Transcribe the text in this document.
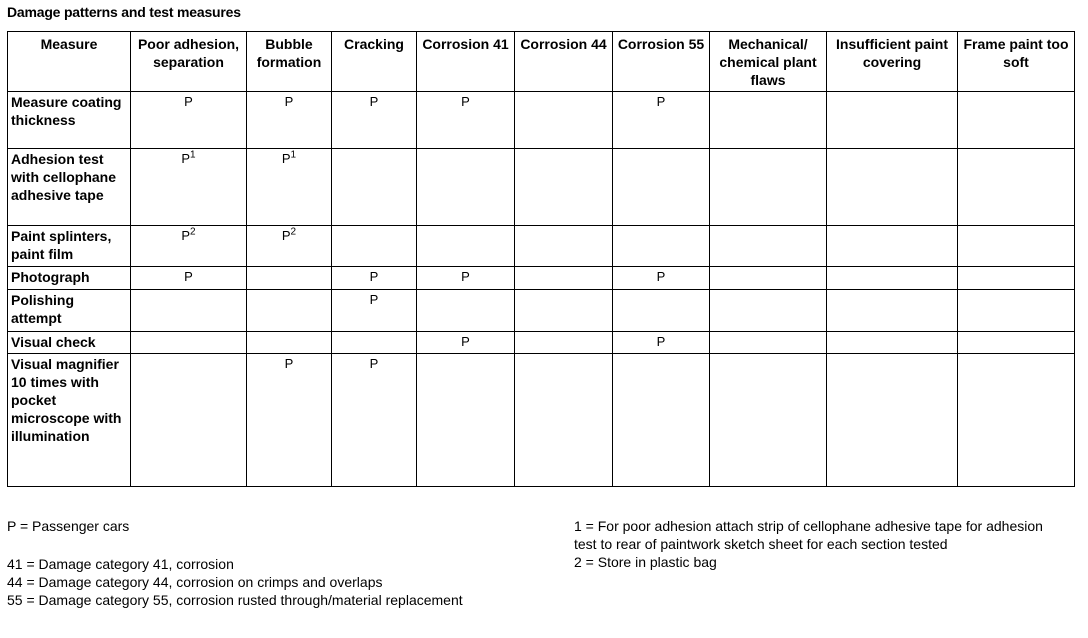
Damage patterns and test measures
Measure	Poor adhesion, separation	Bubble formation	Cracking	Corrosion 41	Corrosion 44	Corrosion 55	Mechanical/ chemical plant flaws	Insufficient paint covering	Frame paint too soft
Measure coating thickness	P	P	P	P		P			
Adhesion test with cellophane adhesive tape	$P^1$	$P^1$							
Paint splinters, paint film	$P^2$	$P^2$							
Photograph	P		P	P		P			
Polishing attempt			P						
Visual check				P		P			
Visual magnifier 10 times with pocket microscope with illumination		P	P						

P = Passenger cars

41 = Damage category 41, corrosion

44 = Damage category 44, corrosion on crimps and overlaps

55 = Damage category 55, corrosion rusted through/material replacement

1 = For poor adhesion attach strip of cellophane adhesive tape for adhesion test to rear of paintwork sketch sheet for each section tested

2 = Store in plastic bag
